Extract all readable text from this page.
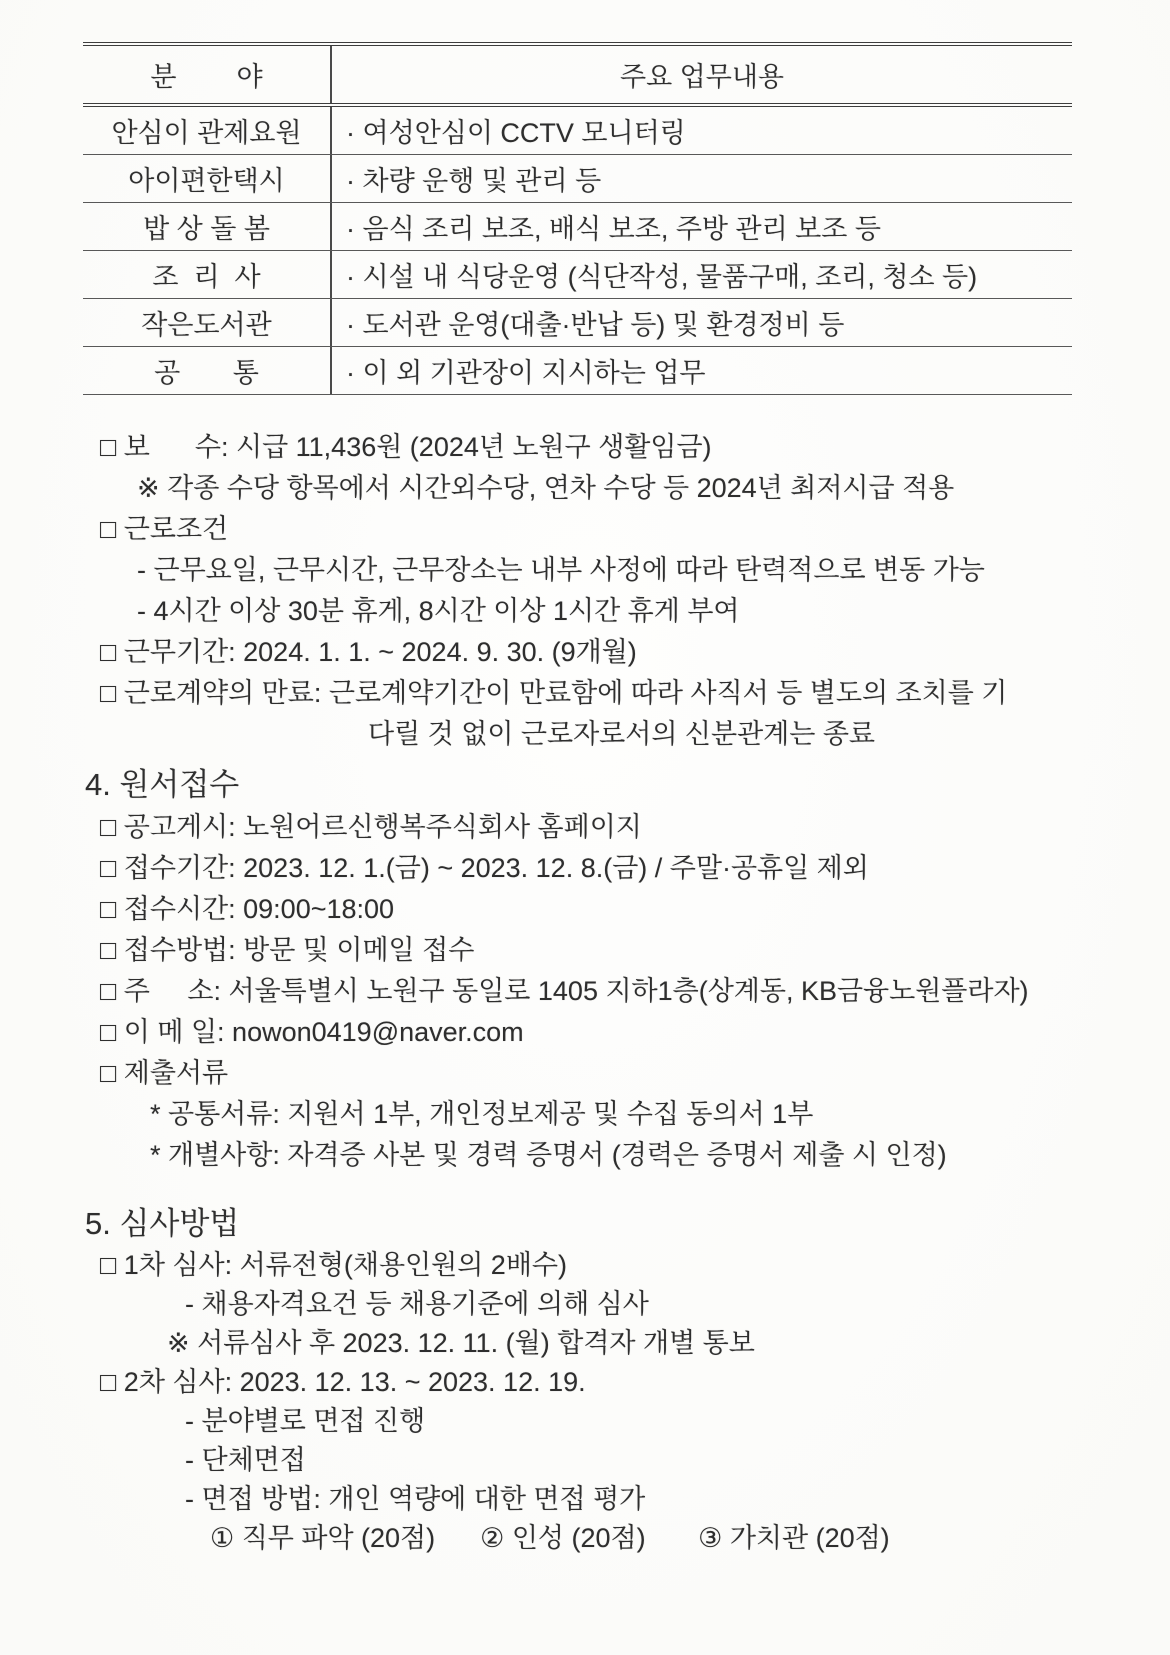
분        야	주요 업무내용
안심이 관제요원	· 여성안심이 CCTV 모니터링
아이편한택시	· 차량 운행 및 관리 등
밥 상 돌 봄	· 음식 조리 보조, 배식 보조, 주방 관리 보조 등
조  리  사	· 시설 내 식당운영 (식단작성, 물품구매, 조리, 청소 등)
작은도서관	· 도서관 운영(대출·반납 등) 및 환경정비 등
공       통	· 이 외 기관장이 지시하는 업무
□ 보      수: 시급 11,436원 (2024년 노원구 생활임금)
※ 각종 수당 항목에서 시간외수당, 연차 수당 등 2024년 최저시급 적용
□ 근로조건
- 근무요일, 근무시간, 근무장소는 내부 사정에 따라 탄력적으로 변동 가능
- 4시간 이상 30분 휴게, 8시간 이상 1시간 휴게 부여
□ 근무기간: 2024. 1. 1. ~ 2024. 9. 30. (9개월)
□ 근로계약의 만료: 근로계약기간이 만료함에 따라 사직서 등 별도의 조치를 기
다릴 것 없이 근로자로서의 신분관계는 종료
4. 원서접수
□ 공고게시: 노원어르신행복주식회사 홈페이지
□ 접수기간: 2023. 12. 1.(금) ~ 2023. 12. 8.(금) / 주말·공휴일 제외
□ 접수시간: 09:00~18:00
□ 접수방법: 방문 및 이메일 접수
□ 주     소: 서울특별시 노원구 동일로 1405 지하1층(상계동, KB금융노원플라자)
□ 이 메 일: nowon0419@naver.com
□ 제출서류
* 공통서류: 지원서 1부, 개인정보제공 및 수집 동의서 1부
* 개별사항: 자격증 사본 및 경력 증명서 (경력은 증명서 제출 시 인정)
5. 심사방법
□ 1차 심사: 서류전형(채용인원의 2배수)
- 채용자격요건 등 채용기준에 의해 심사
※ 서류심사 후 2023. 12. 11. (월) 합격자 개별 통보
□ 2차 심사: 2023. 12. 13. ~ 2023. 12. 19.
- 분야별로 면접 진행
- 단체면접
- 면접 방법: 개인 역량에 대한 면접 평가
① 직무 파악 (20점)      ② 인성 (20점)       ③ 가치관 (20점)
